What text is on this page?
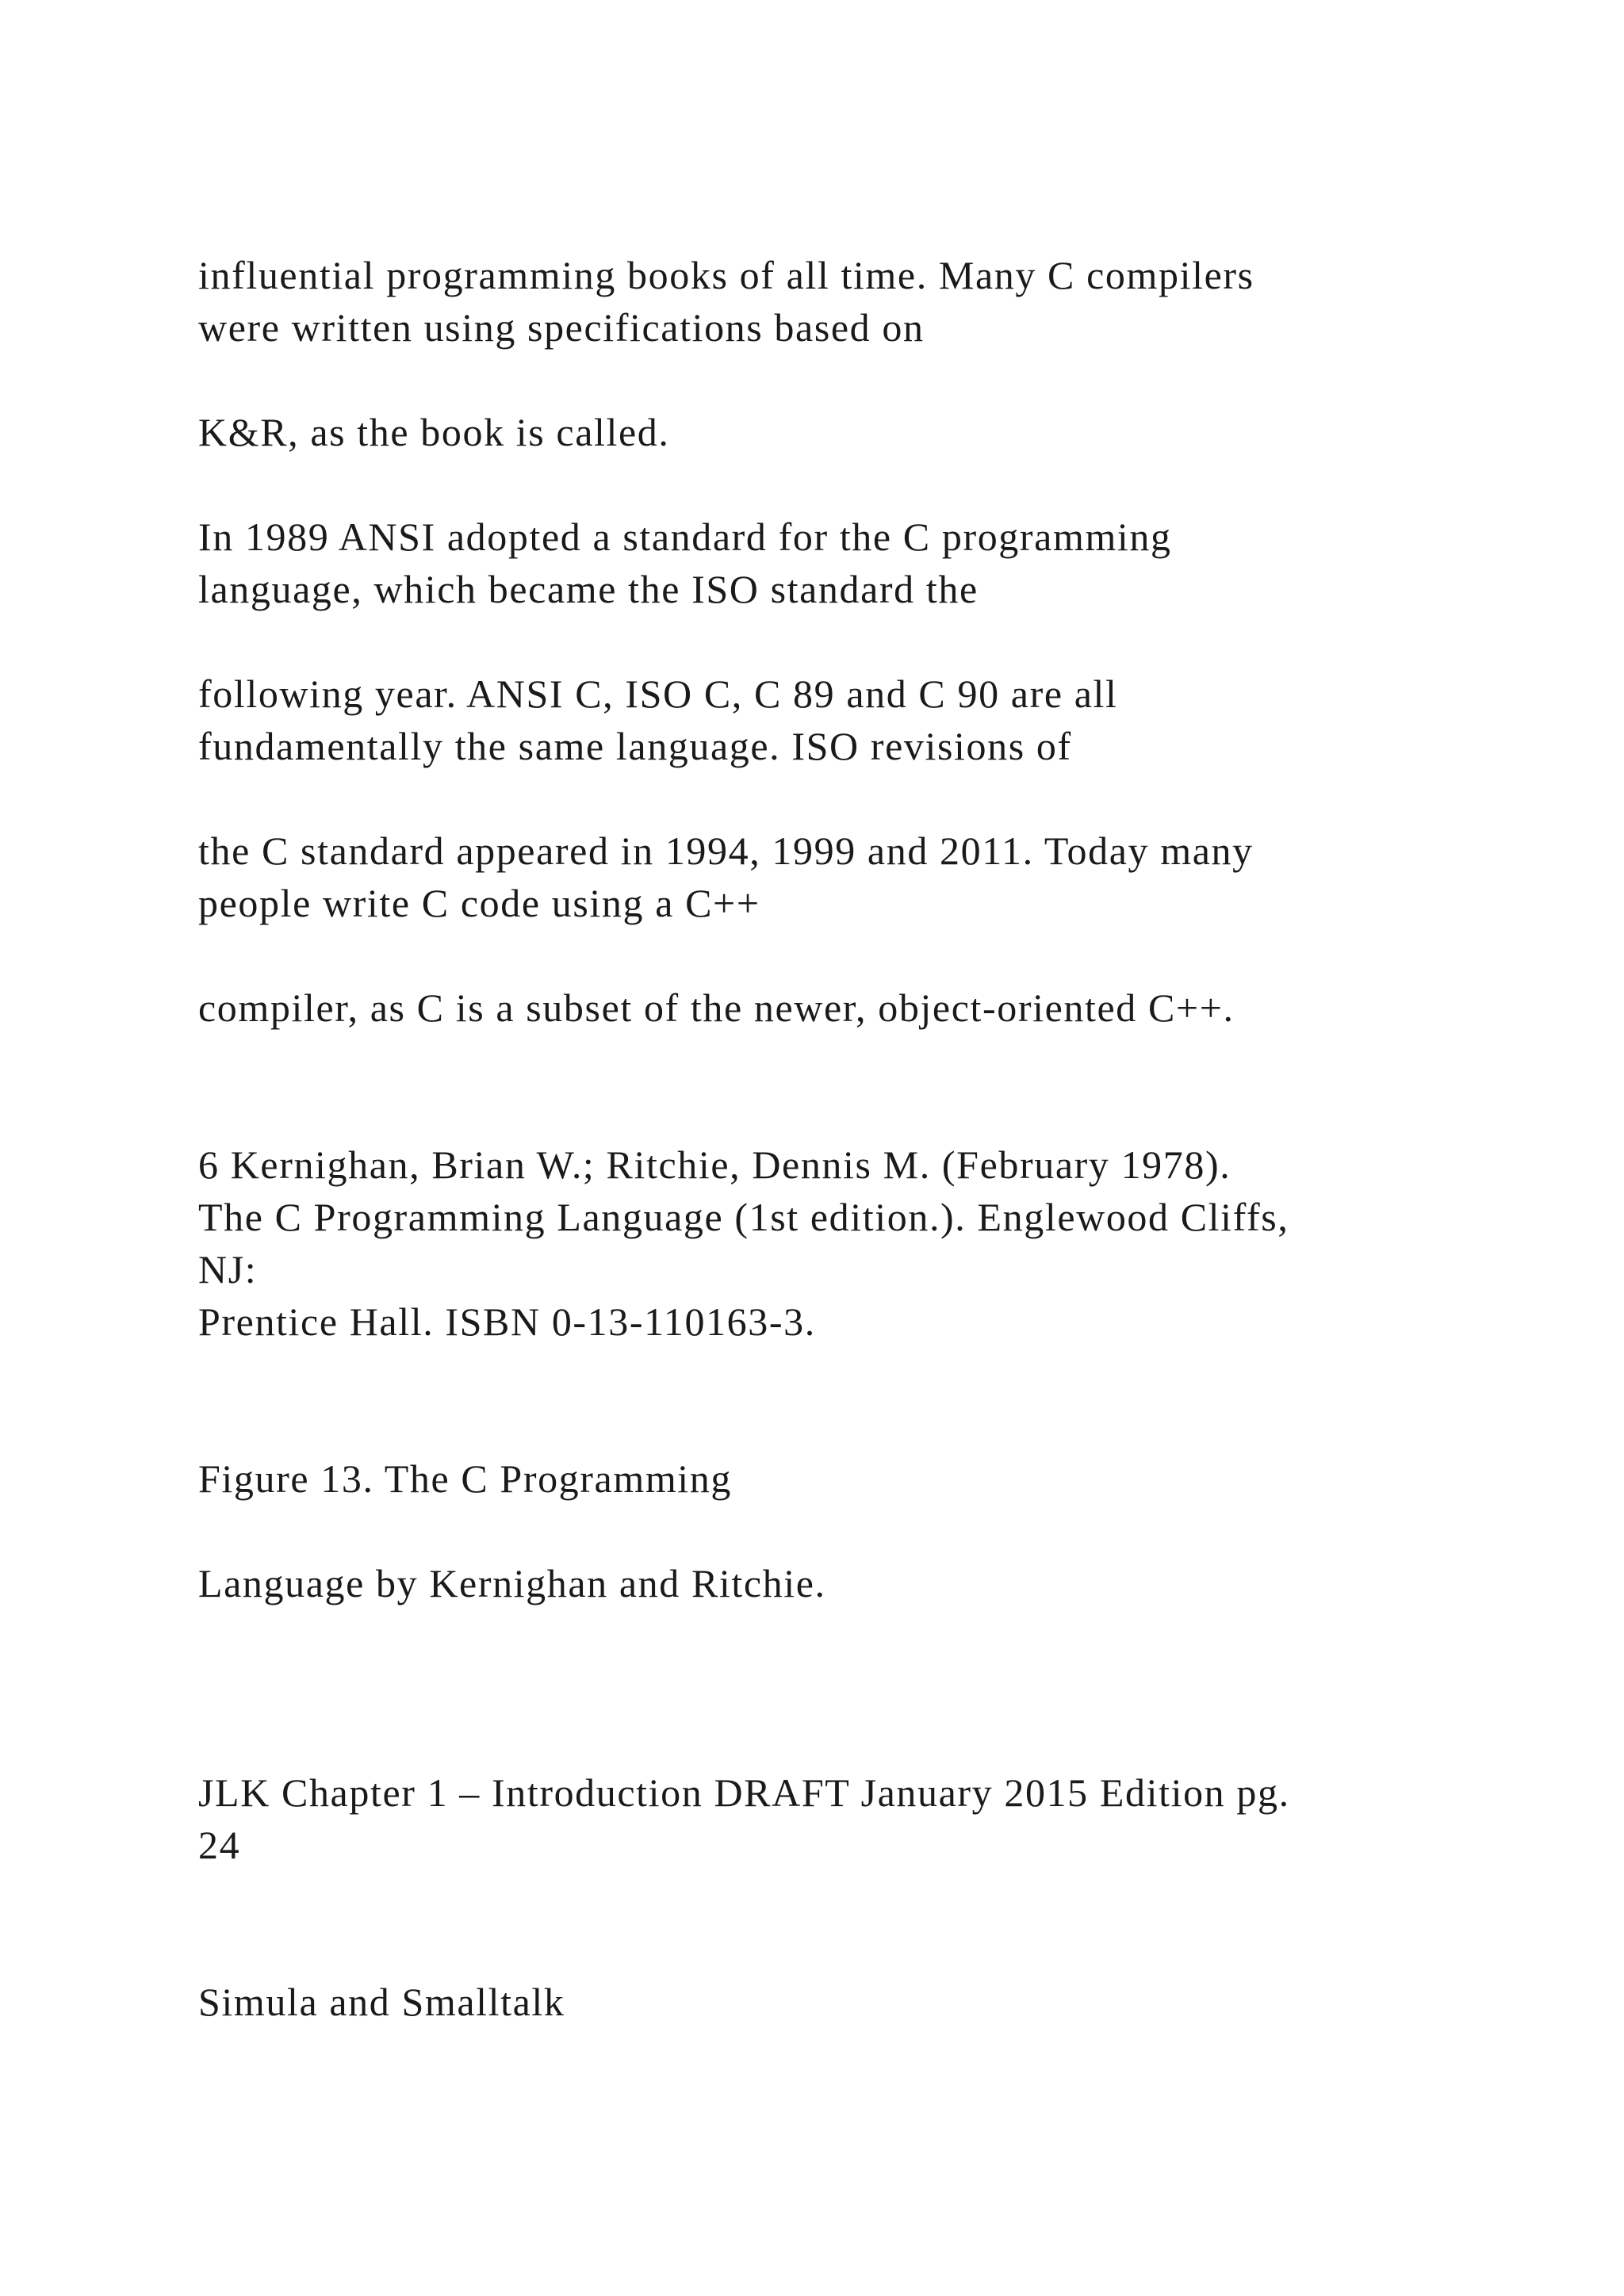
influential programming books of all time. Many C compilers

were written using specifications based on

K&R, as the book is called.

In 1989 ANSI adopted a standard for the C programming

language, which became the ISO standard the

following year. ANSI C, ISO C, C 89 and C 90 are all

fundamentally the same language. ISO revisions of

the C standard appeared in 1994, 1999 and 2011. Today many

people write C code using a C++

compiler, as C is a subset of the newer, object-oriented C++.

6 Kernighan, Brian W.; Ritchie, Dennis M. (February 1978).

The C Programming Language (1st edition.). Englewood Cliffs,

NJ:

Prentice Hall. ISBN 0-13-110163-3.

Figure 13. The C Programming

Language by Kernighan and Ritchie.

JLK Chapter 1 – Introduction DRAFT January 2015 Edition pg.

24

Simula and Smalltalk
